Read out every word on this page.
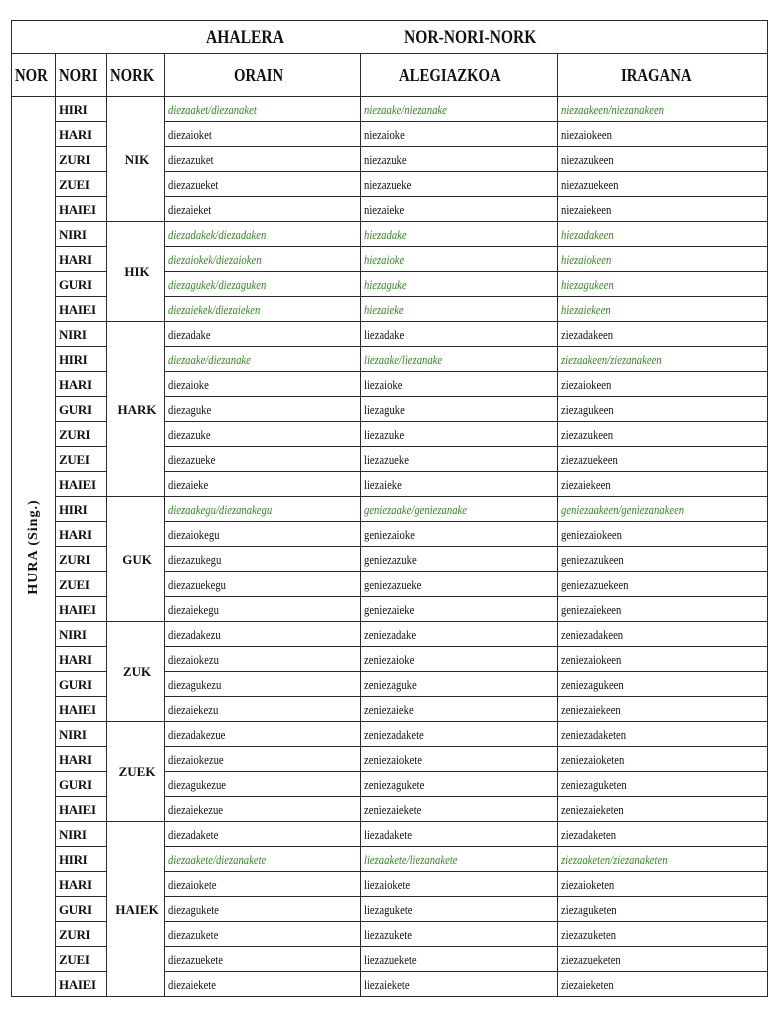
AHALERA NOR-NORI-NORK					

NOR	NORI	NORK	ORAIN	ALEGIAZKOA	IRAGANA

HURA (Sing.)	HIRI	NIK	diezaaket/diezanaket	niezaake/niezanake	niezaakeen/niezanakeen
	HARI		diezaioket	niezaioke	niezaiokeen
	ZURI		diezazuket	niezazuke	niezazukeen
	ZUEI		diezazueket	niezazueke	niezazuekeen
	HAIEI		diezaieket	niezaieke	niezaiekeen
	NIRI	HIK	diezadakek/diezadaken	hiezadake	hiezadakeen
	HARI		diezaiokek/diezaioken	hiezaioke	hiezaiokeen
	GURI		diezagukek/diezaguken	hiezaguke	hiezagukeen
	HAIEI		diezaiekek/diezaieken	hiezaieke	hiezaiekeen
	NIRI	HARK	diezadake	liezadake	ziezadakeen
	HIRI		diezaake/diezanake	liezaake/liezanake	ziezaakeen/ziezanakeen
	HARI		diezaioke	liezaioke	ziezaiokeen
	GURI		diezaguke	liezaguke	ziezagukeen
	ZURI		diezazuke	liezazuke	ziezazukeen
	ZUEI		diezazueke	liezazueke	ziezazuekeen
	HAIEI		diezaieke	liezaieke	ziezaiekeen
	HIRI	GUK	diezaakegu/diezanakegu	geniezaake/geniezanake	geniezaakeen/geniezanakeen
	HARI		diezaiokegu	geniezaioke	geniezaiokeen
	ZURI		diezazukegu	geniezazuke	geniezazukeen
	ZUEI		diezazuekegu	geniezazueke	geniezazuekeen
	HAIEI		diezaiekegu	geniezaieke	geniezaiekeen
	NIRI	ZUK	diezadakezu	zeniezadake	zeniezadakeen
	HARI		diezaiokezu	zeniezaioke	zeniezaiokeen
	GURI		diezagukezu	zeniezaguke	zeniezagukeen
	HAIEI		diezaiekezu	zeniezaieke	zeniezaiekeen
	NIRI	ZUEK	diezadakezue	zeniezadakete	zeniezadaketen
	HARI		diezaiokezue	zeniezaiokete	zeniezaioketen
	GURI		diezagukezue	zeniezagukete	zeniezaguketen
	HAIEI		diezaiekezue	zeniezaiekete	zeniezaieketen
	NIRI	HAIEK	diezadakete	liezadakete	ziezadaketen
	HIRI		diezaakete/diezanakete	liezaakete/liezanakete	ziezaaketen/ziezanaketen
	HARI		diezaiokete	liezaiokete	ziezaioketen
	GURI		diezagukete	liezagukete	ziezaguketen
	ZURI		diezazukete	liezazukete	ziezazuketen
	ZUEI		diezazuekete	liezazuekete	ziezazueketen
	HAIEI		diezaiekete	liezaiekete	ziezaieketen
